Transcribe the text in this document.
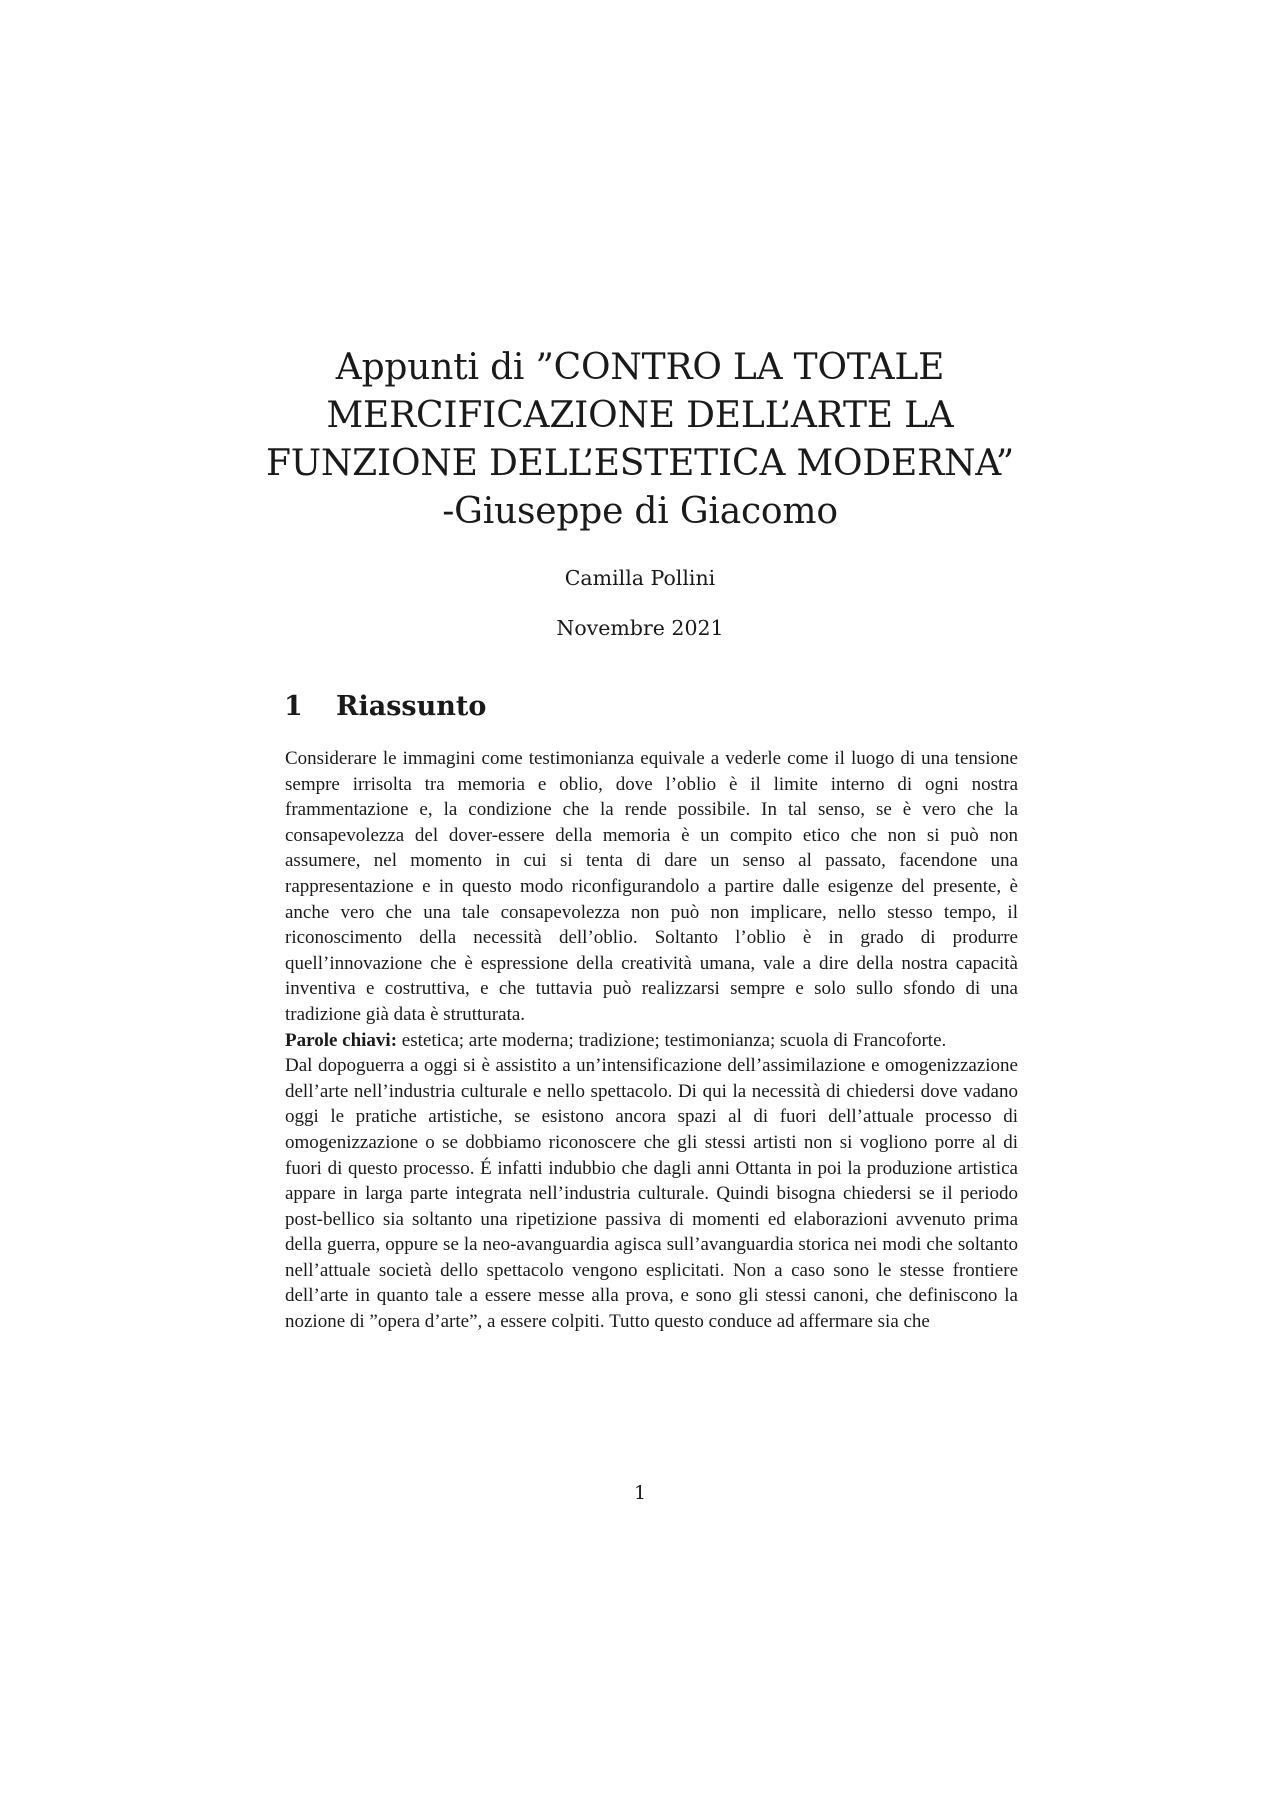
Appunti di ”CONTRO LA TOTALE
MERCIFICAZIONE DELL’ARTE LA
FUNZIONE DELL’ESTETICA MODERNA”
-Giuseppe di Giacomo
Camilla Pollini
Novembre 2021
1 Riassunto

Considerare le immagini come testimonianza equivale a vederle come il luogo di una tensione sempre irrisolta tra memoria e oblio, dove l’oblio è il limite interno di ogni nostra frammentazione e, la condizione che la rende possibile. In tal senso, se è vero che la consapevolezza del dover-essere della memoria è un compito etico che non si può non assumere, nel momento in cui si tenta di dare un senso al passato, facendone una rappresentazione e in questo modo riconfigurandolo a partire dalle esigenze del presente, è anche vero che una tale consapevolezza non può non implicare, nello stesso tempo, il riconoscimento della necessità dell’oblio. Soltanto l’oblio è in grado di produrre quell’innovazione che è espressione della creatività umana, vale a dire della nostra capacità inventiva e costruttiva, e che tuttavia può realizzarsi sempre e solo sullo sfondo di una tradizione già data è strutturata.

Parole chiavi: estetica; arte moderna; tradizione; testimonianza; scuola di Francoforte.

Dal dopoguerra a oggi si è assistito a un’intensificazione dell’assimilazione e omogenizzazione dell’arte nell’industria culturale e nello spettacolo. Di qui la necessità di chiedersi dove vadano oggi le pratiche artistiche, se esistono ancora spazi al di fuori dell’attuale processo di omogenizzazione o se dobbiamo riconoscere che gli stessi artisti non si vogliono porre al di fuori di questo processo. É infatti indubbio che dagli anni Ottanta in poi la produzione artistica appare in larga parte integrata nell’industria culturale. Quindi bisogna chiedersi se il periodo post-bellico sia soltanto una ripetizione passiva di momenti ed elaborazioni avvenuto prima della guerra, oppure se la neo-avanguardia agisca sull’avanguardia storica nei modi che soltanto nell’attuale società dello spettacolo vengono esplicitati. Non a caso sono le stesse frontiere dell’arte in quanto tale a essere messe alla prova, e sono gli stessi canoni, che definiscono la nozione di ”opera d’arte”, a essere colpiti. Tutto questo conduce ad affermare sia che

1
